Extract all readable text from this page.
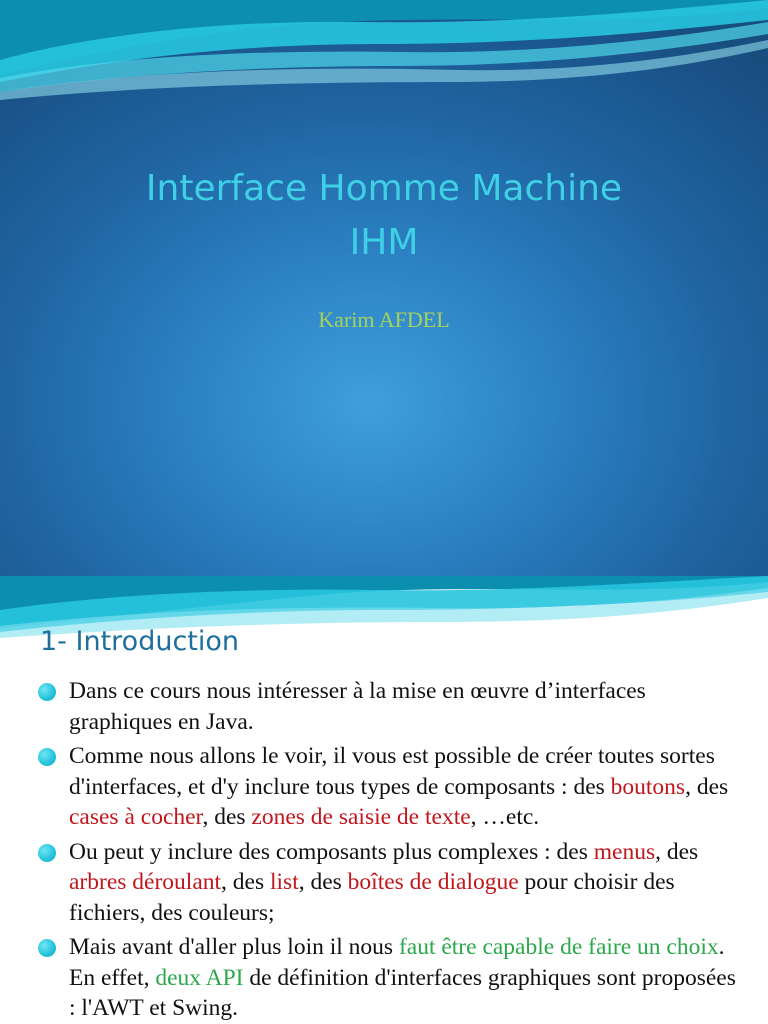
Interface Homme Machine
IHM
Karim AFDEL
1- Introduction
Dans ce cours nous intéresser à la mise en œuvre d’interfaces graphiques en Java.
Comme nous allons le voir, il vous est possible de créer toutes sortes d'interfaces, et d'y inclure tous types de composants : des boutons, des cases à cocher, des zones de saisie de texte, …etc.
Ou peut y inclure des composants plus complexes : des menus, des arbres déroulant, des list, des boîtes de dialogue pour choisir des fichiers, des couleurs;
Mais avant d'aller plus loin il nous faut être capable de faire un choix. En effet, deux API de définition d'interfaces graphiques sont proposées : l'AWT et Swing.
